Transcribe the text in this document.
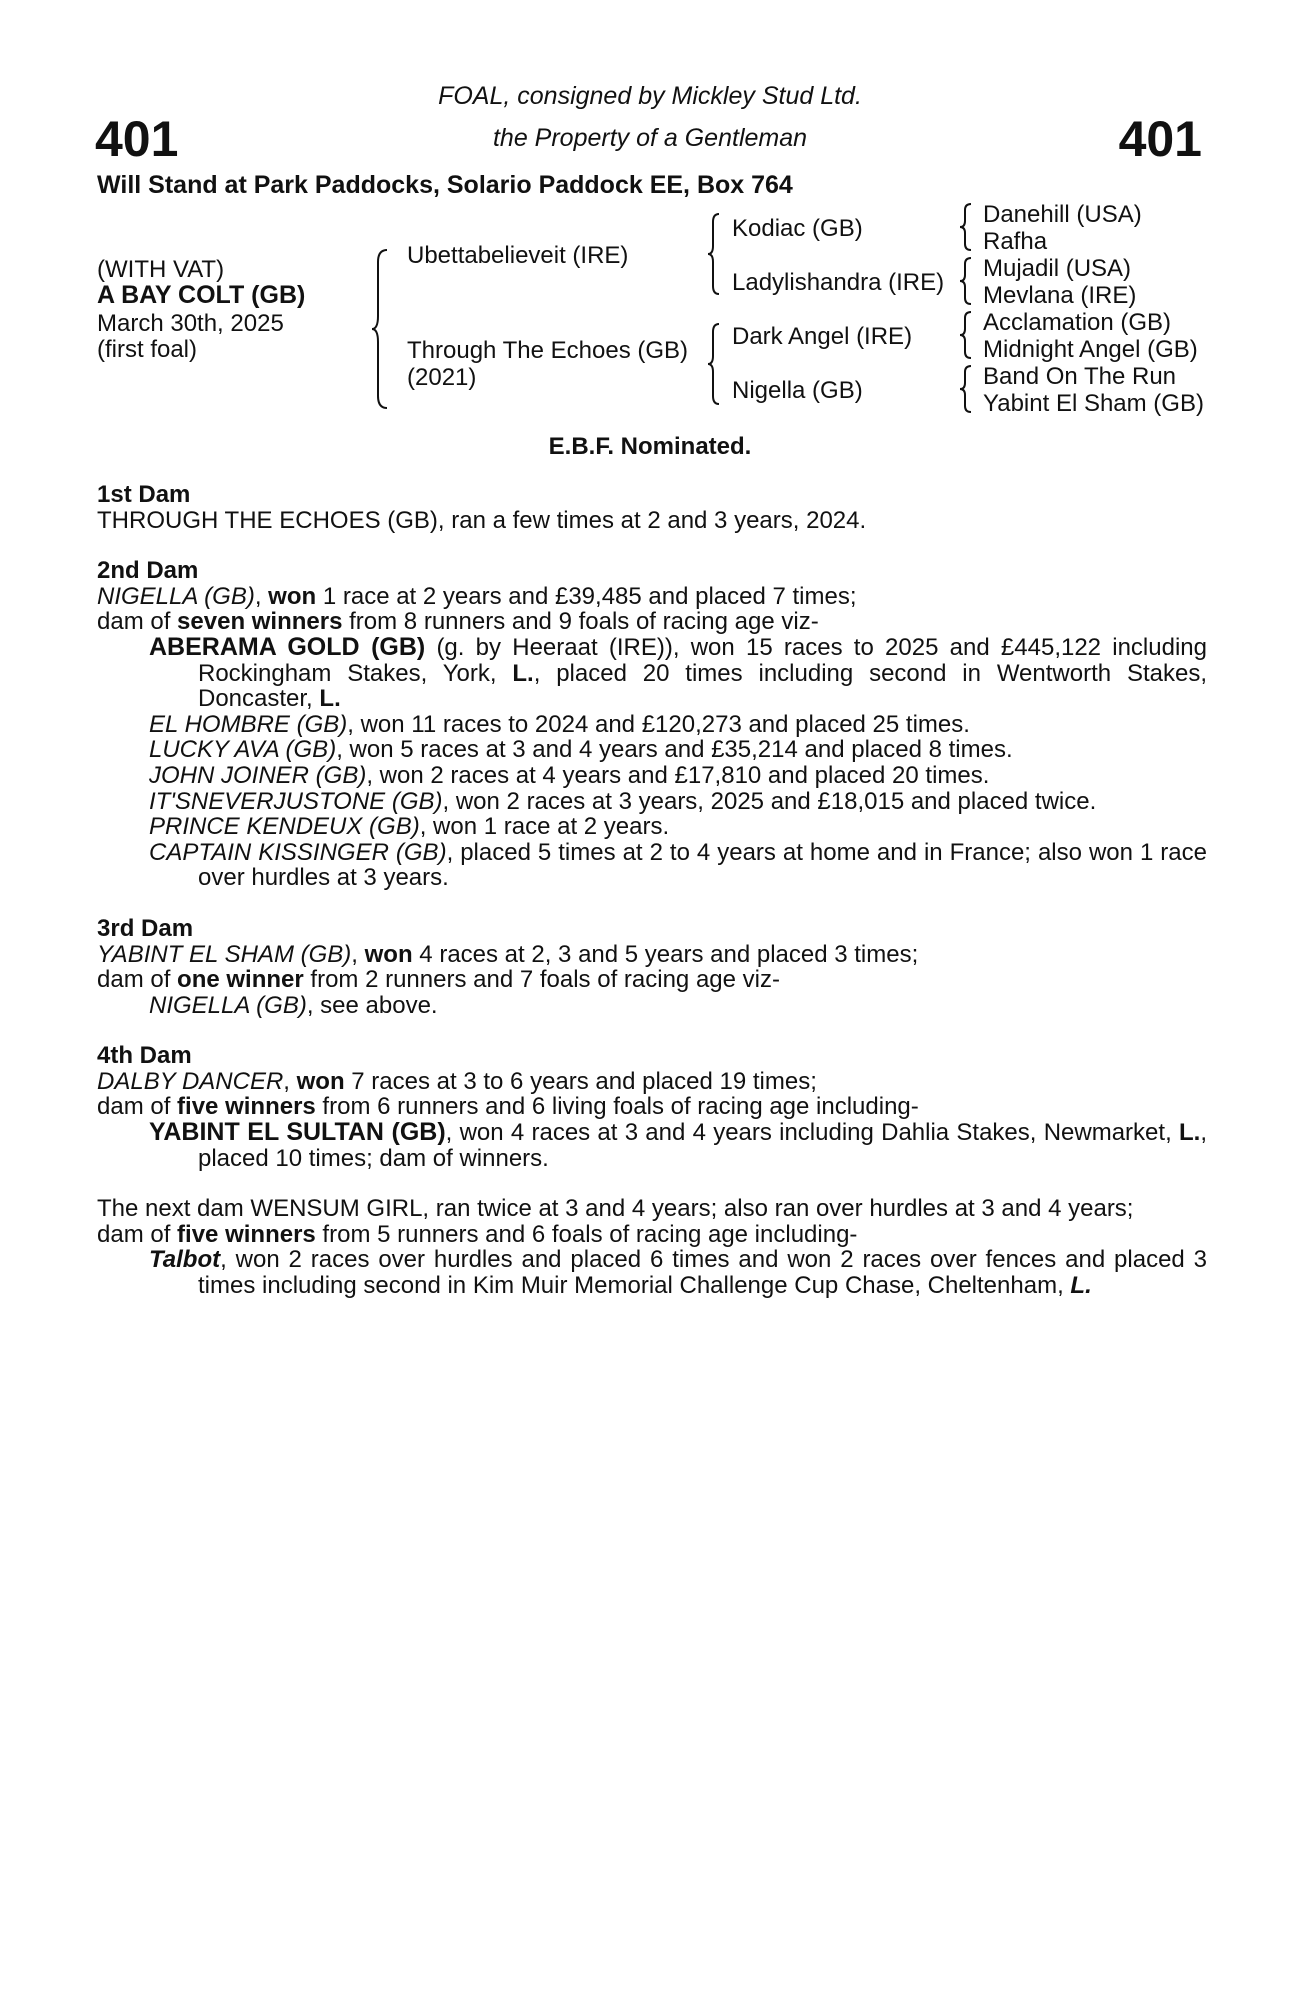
401	401
FOAL, consigned by Mickley Stud Ltd.
the Property of a Gentleman
Will Stand at Park Paddocks, Solario Paddock EE, Box 764
(WITH VAT)
A BAY COLT (GB)
March 30th, 2025
(first foal)
Ubettabelieveit (IRE)
Through The Echoes (GB)
(2021)
Kodiac (GB)
Ladylishandra (IRE)
Dark Angel (IRE)
Nigella (GB)
Danehill (USA)
Rafha
Mujadil (USA)
Mevlana (IRE)
Acclamation (GB)
Midnight Angel (GB)
Band On The Run
Yabint El Sham (GB)
E.B.F. Nominated.

1st Dam

THROUGH THE ECHOES (GB), ran a few times at 2 and 3 years, 2024.

2nd Dam

NIGELLA (GB), won 1 race at 2 years and £39,485 and placed 7 times;

dam of seven winners from 8 runners and 9 foals of racing age viz-

ABERAMA GOLD (GB) (g. by Heeraat (IRE)), won 15 races to 2025 and £445,122 including Rockingham Stakes, York, L., placed 20 times including second in Wentworth Stakes, Doncaster, L.

EL HOMBRE (GB), won 11 races to 2024 and £120,273 and placed 25 times.

LUCKY AVA (GB), won 5 races at 3 and 4 years and £35,214 and placed 8 times.

JOHN JOINER (GB), won 2 races at 4 years and £17,810 and placed 20 times.

IT'SNEVERJUSTONE (GB), won 2 races at 3 years, 2025 and £18,015 and placed twice.

PRINCE KENDEUX (GB), won 1 race at 2 years.

CAPTAIN KISSINGER (GB), placed 5 times at 2 to 4 years at home and in France; also won 1 race over hurdles at 3 years.

3rd Dam

YABINT EL SHAM (GB), won 4 races at 2, 3 and 5 years and placed 3 times;

dam of one winner from 2 runners and 7 foals of racing age viz-

NIGELLA (GB), see above.

4th Dam

DALBY DANCER, won 7 races at 3 to 6 years and placed 19 times;

dam of five winners from 6 runners and 6 living foals of racing age including-

YABINT EL SULTAN (GB), won 4 races at 3 and 4 years including Dahlia Stakes, Newmarket, L., placed 10 times; dam of winners.

The next dam WENSUM GIRL, ran twice at 3 and 4 years; also ran over hurdles at 3 and 4 years;

dam of five winners from 5 runners and 6 foals of racing age including-

Talbot, won 2 races over hurdles and placed 6 times and won 2 races over fences and placed 3 times including second in Kim Muir Memorial Challenge Cup Chase, Cheltenham, L.
